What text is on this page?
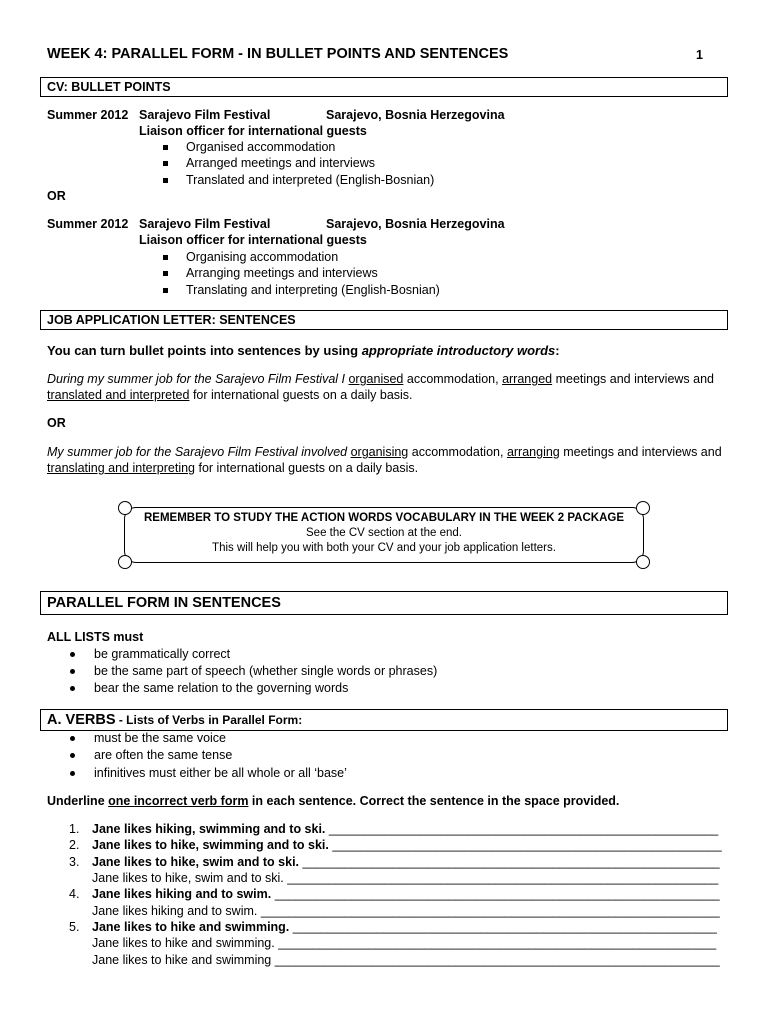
WEEK 4: PARALLEL FORM - IN BULLET POINTS AND SENTENCES	1
CV: BULLET POINTS
Summer 2012 Sarajevo Film Festival	Sarajevo, Bosnia Herzegovina
Liaison officer for international guests
Organised accommodation
Arranged meetings and interviews
Translated and interpreted (English-Bosnian)
OR
Summer 2012 Sarajevo Film Festival	Sarajevo, Bosnia Herzegovina
Liaison officer for international guests
Organising accommodation
Arranging meetings and interviews
Translating and interpreting (English-Bosnian)
JOB APPLICATION LETTER: SENTENCES
You can turn bullet points into sentences by using appropriate introductory words:
During my summer job for the Sarajevo Film Festival I organised accommodation, arranged meetings and interviews and translated and interpreted for international guests on a daily basis.
OR
My summer job for the Sarajevo Film Festival involved organising accommodation, arranging meetings and interviews and translating and interpreting for international guests on a daily basis.
REMEMBER TO STUDY THE ACTION WORDS VOCABULARY IN THE WEEK 2 PACKAGE
See the CV section at the end.
This will help you with both your CV and your job application letters.
PARALLEL FORM IN SENTENCES
ALL LISTS must
be grammatically correct
be the same part of speech (whether single words or phrases)
bear the same relation to the governing words
A. VERBS - Lists of Verbs in Parallel Form:
must be the same voice
are often the same tense
infinitives must either be all whole or all ‘base’
Underline one incorrect verb form in each sentence. Correct the sentence in the space provided.
1. Jane likes hiking, swimming and to ski. ________________________________________________________
2. Jane likes to hike, swimming and to ski. ________________________________________________________
3. Jane likes to hike, swim and to ski. ____________________________________________________________
Jane likes to hike, swim and to ski. ______________________________________________________________
4. Jane likes hiking and to swim. ________________________________________________________________
Jane likes hiking and to swim. __________________________________________________________________
5. Jane likes to hike and swimming. _____________________________________________________________
Jane likes to hike and swimming. _______________________________________________________________
Jane likes to hike and swimming ________________________________________________________________
